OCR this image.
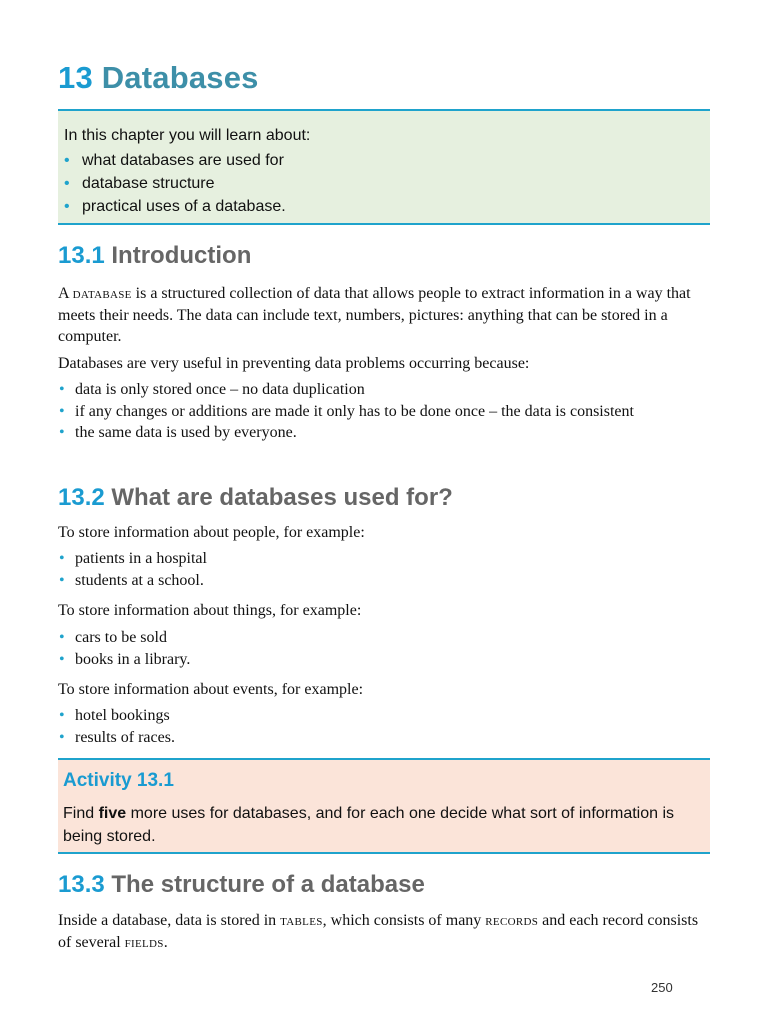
13 Databases

In this chapter you will learn about:

• what databases are used for
• database structure
• practical uses of a database.
13.1 Introduction

A database is a structured collection of data that allows people to extract information in a way that meets their needs. The data can include text, numbers, pictures: anything that can be stored in a computer.

Databases are very useful in preventing data problems occurring because:

• data is only stored once – no data duplication
• if any changes or additions are made it only has to be done once – the data is consistent
• the same data is used by everyone.
13.2 What are databases used for?

To store information about people, for example:

• patients in a hospital
• students at a school.

To store information about things, for example:

• cars to be sold
• books in a library.

To store information about events, for example:

• hotel bookings
• results of races.

Activity 13.1

Find five more uses for databases, and for each one decide what sort of information is being stored.

13.3 The structure of a database

Inside a database, data is stored in tables, which consists of many records and each record consists of several fields.

250
